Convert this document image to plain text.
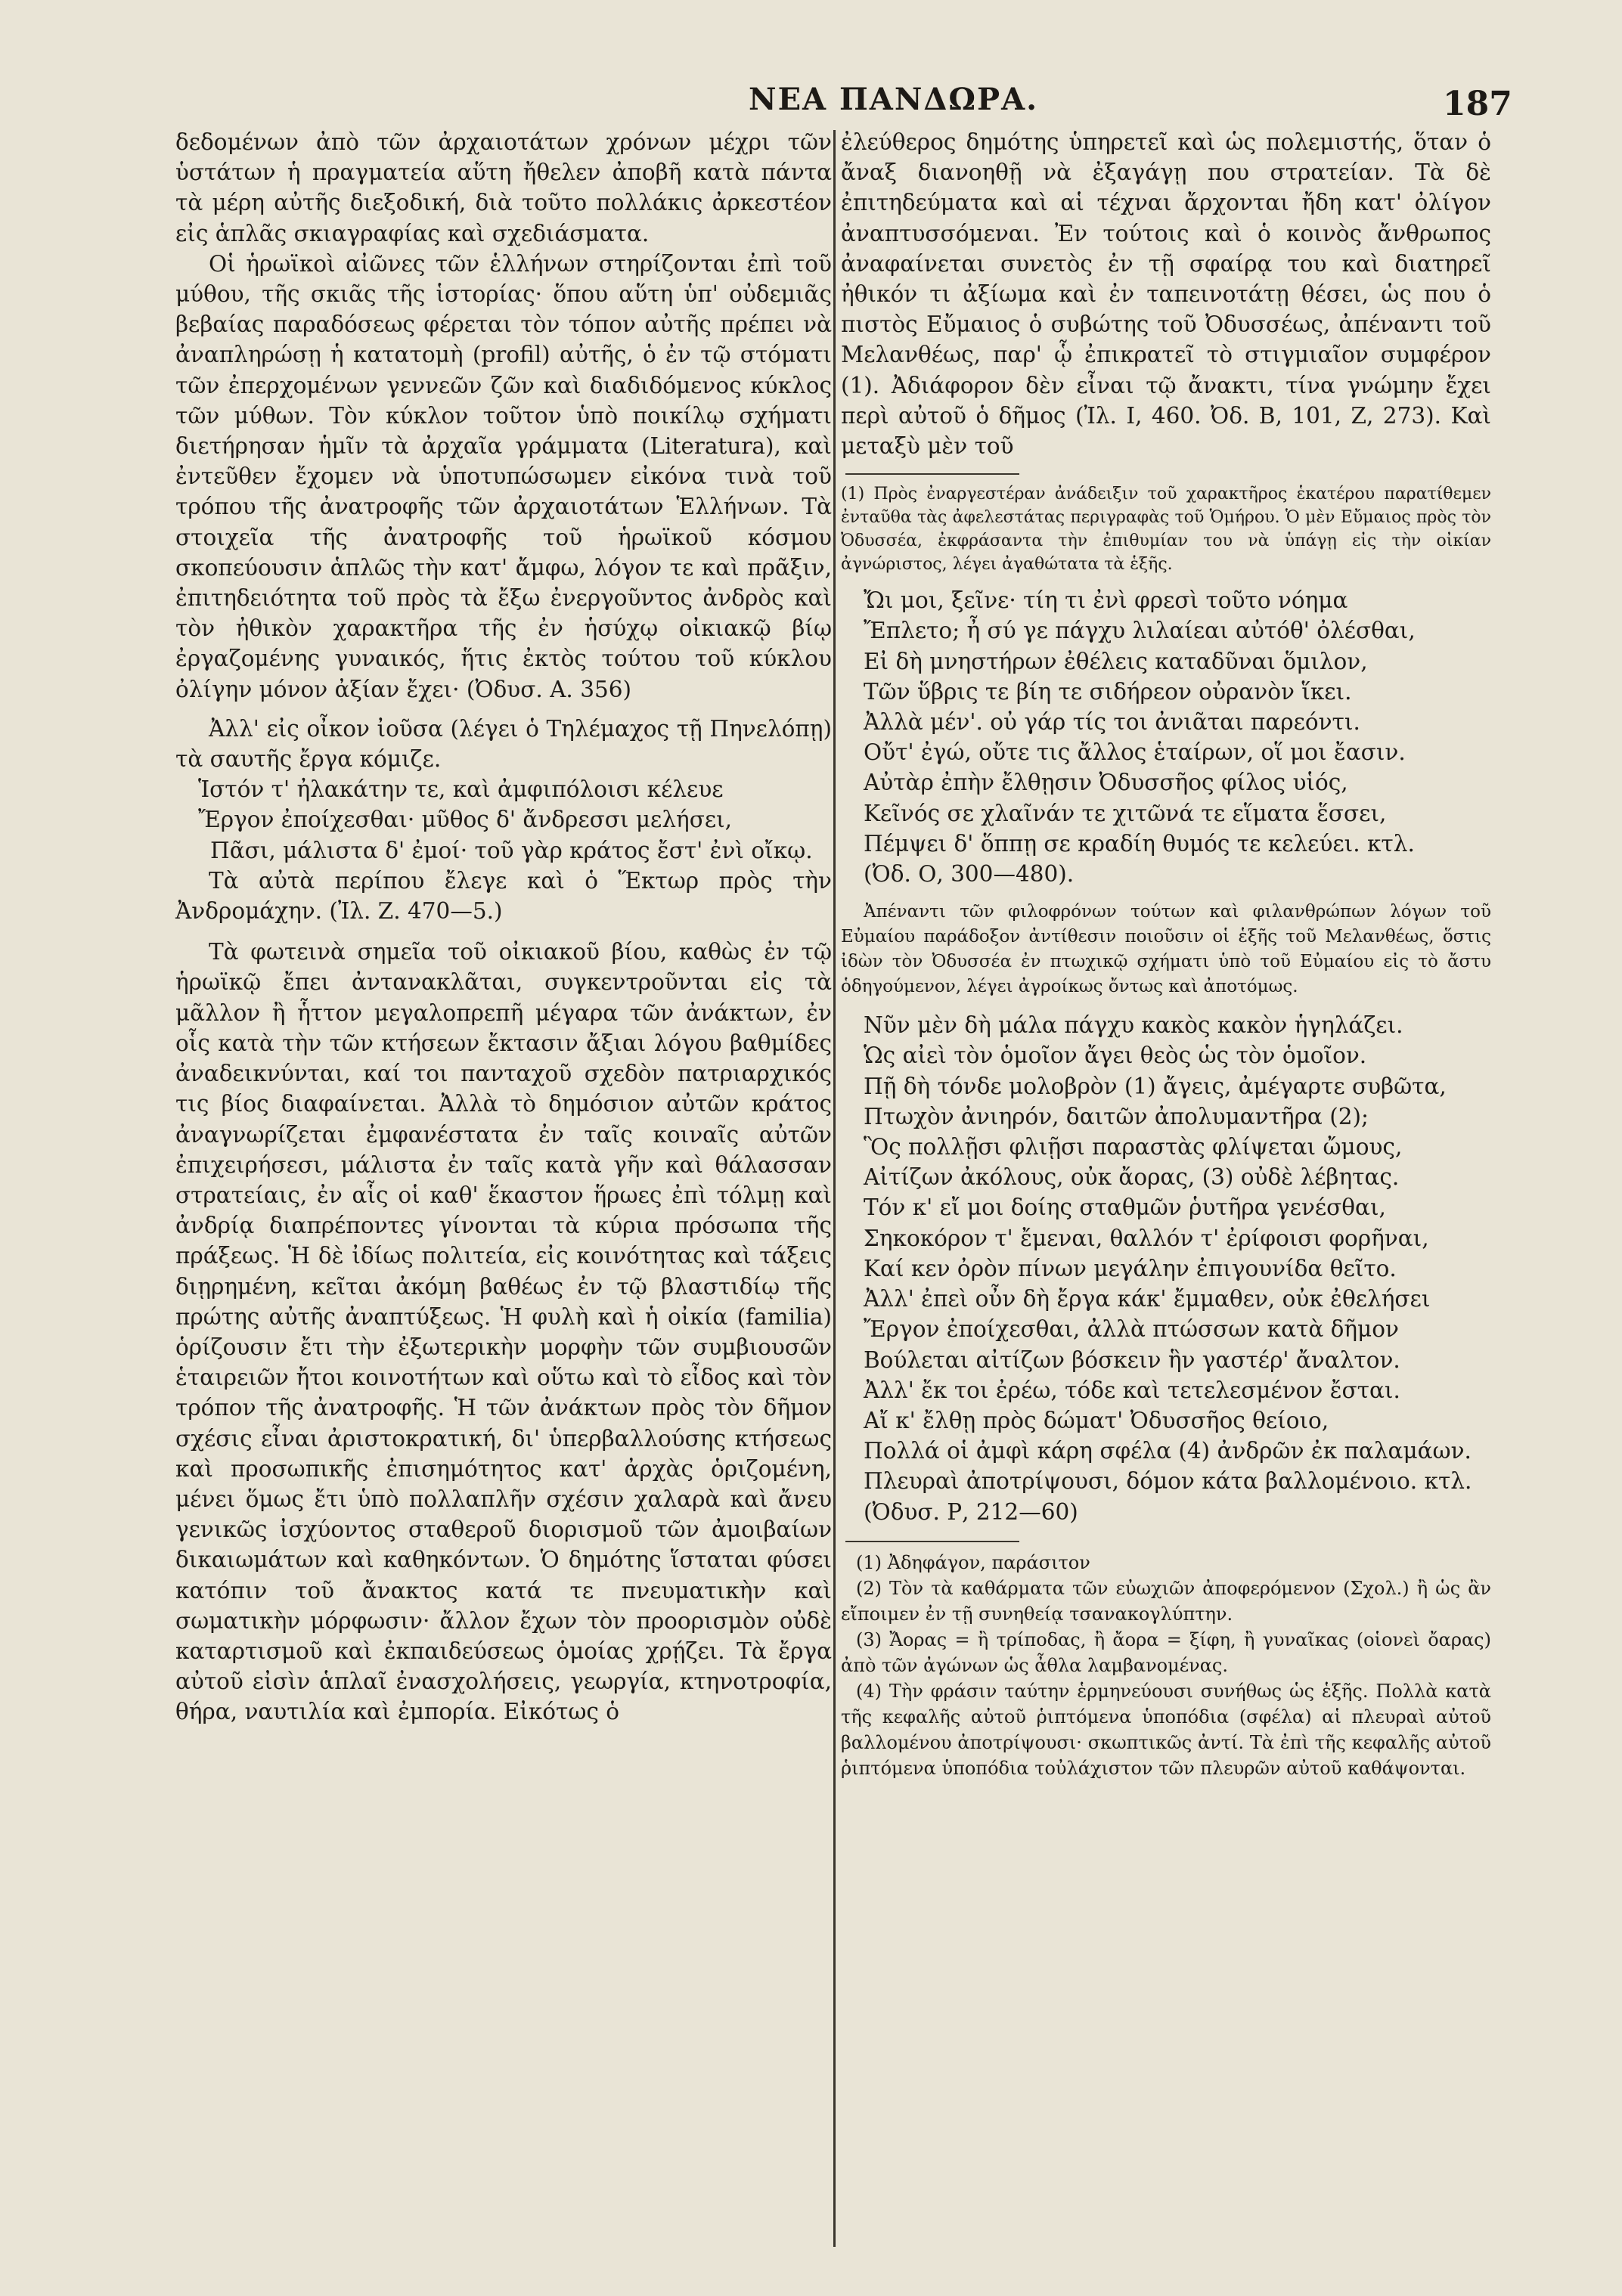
ΝΕΑ ΠΑΝΔΩΡΑ.	187

δεδομένων ἀπὸ τῶν ἀρχαιοτάτων χρόνων μέχρι τῶν ὑστάτων ἡ πραγματεία αὕτη ἤθελεν ἀποβῆ κατὰ πάντα τὰ μέρη αὐτῆς διεξοδική, διὰ τοῦτο πολλάκις ἀρκεστέον εἰς ἁπλᾶς σκιαγραφίας καὶ σχεδιάσματα.

Οἱ ἡρωϊκοὶ αἰῶνες τῶν ἑλλήνων στηρίζονται ἐπὶ τοῦ μύθου, τῆς σκιᾶς τῆς ἱστορίας· ὅπου αὕτη ὑπ' οὐδεμιᾶς βεβαίας παραδόσεως φέρεται τὸν τόπον αὐτῆς πρέπει νὰ ἀναπληρώσῃ ἡ κατατομὴ (profil) αὐτῆς, ὁ ἐν τῷ στόματι τῶν ἐπερχομένων γεννεῶν ζῶν καὶ διαδιδόμενος κύκλος τῶν μύθων. Τὸν κύκλον τοῦτον ὑπὸ ποικίλῳ σχήματι διετήρησαν ἡμῖν τὰ ἀρχαῖα γράμματα (Literatura), καὶ ἐντεῦθεν ἔχομεν νὰ ὑποτυπώσωμεν εἰκόνα τινὰ τοῦ τρόπου τῆς ἀνατροφῆς τῶν ἀρχαιοτάτων Ἑλλήνων. Τὰ στοιχεῖα τῆς ἀνατροφῆς τοῦ ἡρωϊκοῦ κόσμου σκοπεύουσιν ἁπλῶς τὴν κατ' ἄμφω, λόγον τε καὶ πρᾶξιν, ἐπιτηδειότητα τοῦ πρὸς τὰ ἔξω ἐνεργοῦντος ἀνδρὸς καὶ τὸν ἠθικὸν χαρακτῆρα τῆς ἐν ἡσύχῳ οἰκιακῷ βίῳ ἐργαζομένης γυναικός, ἥτις ἐκτὸς τούτου τοῦ κύκλου ὀλίγην μόνον ἀξίαν ἔχει· (Ὀδυσ. Α. 356)

Ἀλλ' εἰς οἶκον ἰοῦσα (λέγει ὁ Τηλέμαχος τῇ Πηνελόπῃ) τὰ σαυτῆς ἔργα κόμιζε.

Ἱστόν τ' ἠλακάτην τε, καὶ ἀμφιπόλοισι κέλευε
Ἔργον ἐποίχεσθαι· μῦθος δ' ἄνδρεσσι μελήσει,
Πᾶσι, μάλιστα δ' ἐμοί· τοῦ γὰρ κράτος ἔστ' ἐνὶ οἴκῳ.

Τὰ αὐτὰ περίπου ἔλεγε καὶ ὁ Ἕκτωρ πρὸς τὴν Ἀνδρομάχην. (Ἰλ. Ζ. 470—5.)

Τὰ φωτεινὰ σημεῖα τοῦ οἰκιακοῦ βίου, καθὼς ἐν τῷ ἡρωϊκῷ ἔπει ἀντανακλᾶται, συγκεντροῦνται εἰς τὰ μᾶλλον ἢ ἧττον μεγαλοπρεπῆ μέγαρα τῶν ἀνάκτων, ἐν οἷς κατὰ τὴν τῶν κτήσεων ἔκτασιν ἄξιαι λόγου βαθμίδες ἀναδεικνύνται, καί τοι πανταχοῦ σχεδὸν πατριαρχικός τις βίος διαφαίνεται. Ἀλλὰ τὸ δημόσιον αὐτῶν κράτος ἀναγνωρίζεται ἐμφανέστατα ἐν ταῖς κοιναῖς αὐτῶν ἐπιχειρήσεσι, μάλιστα ἐν ταῖς κατὰ γῆν καὶ θάλασσαν στρατείαις, ἐν αἷς οἱ καθ' ἕκαστον ἥρωες ἐπὶ τόλμῃ καὶ ἀνδρίᾳ διαπρέποντες γίνονται τὰ κύρια πρόσωπα τῆς πράξεως. Ἡ δὲ ἰδίως πολιτεία, εἰς κοινότητας καὶ τάξεις διῃρημένη, κεῖται ἀκόμη βαθέως ἐν τῷ βλαστιδίῳ τῆς πρώτης αὐτῆς ἀναπτύξεως. Ἡ φυλὴ καὶ ἡ οἰκία (familia) ὁρίζουσιν ἔτι τὴν ἐξωτερικὴν μορφὴν τῶν συμβιουσῶν ἑταιρειῶν ἤτοι κοινοτήτων καὶ οὕτω καὶ τὸ εἶδος καὶ τὸν τρόπον τῆς ἀνατροφῆς. Ἡ τῶν ἀνάκτων πρὸς τὸν δῆμον σχέσις εἶναι ἀριστοκρατική, δι' ὑπερβαλλούσης κτήσεως καὶ προσωπικῆς ἐπισημότητος κατ' ἀρχὰς ὁριζομένη, μένει ὅμως ἔτι ὑπὸ πολλαπλῆν σχέσιν χαλαρὰ καὶ ἄνευ γενικῶς ἰσχύοντος σταθεροῦ διορισμοῦ τῶν ἀμοιβαίων δικαιωμάτων καὶ καθηκόντων. Ὁ δημότης ἵσταται φύσει κατόπιν τοῦ ἄνακτος κατά τε πνευματικὴν καὶ σωματικὴν μόρφωσιν· ἄλλον ἔχων τὸν προορισμὸν οὐδὲ καταρτισμοῦ καὶ ἐκπαιδεύσεως ὁμοίας χρῄζει. Τὰ ἔργα αὐτοῦ εἰσὶν ἁπλαῖ ἐνασχολήσεις, γεωργία, κτηνοτροφία, θήρα, ναυτιλία καὶ ἐμπορία. Εἰκότως ὁ

ἐλεύθερος δημότης ὑπηρετεῖ καὶ ὡς πολεμιστής, ὅταν ὁ ἄναξ διανοηθῇ νὰ ἐξαγάγῃ που στρατείαν. Τὰ δὲ ἐπιτηδεύματα καὶ αἱ τέχναι ἄρχονται ἤδη κατ' ὀλίγον ἀναπτυσσόμεναι. Ἐν τούτοις καὶ ὁ κοινὸς ἄνθρωπος ἀναφαίνεται συνετὸς ἐν τῇ σφαίρᾳ του καὶ διατηρεῖ ἠθικόν τι ἀξίωμα καὶ ἐν ταπεινοτάτῃ θέσει, ὡς που ὁ πιστὸς Εὔμαιος ὁ συβώτης τοῦ Ὀδυσσέως, ἀπέναντι τοῦ Μελανθέως, παρ' ᾧ ἐπικρατεῖ τὸ στιγμιαῖον συμφέρον (1). Ἀδιάφορον δὲν εἶναι τῷ ἄνακτι, τίνα γνώμην ἔχει περὶ αὐτοῦ ὁ δῆμος (Ἰλ. Ι, 460. Ὀδ. Β, 101, Ζ, 273). Καὶ μεταξὺ μὲν τοῦ

(1) Πρὸς ἐναργεστέραν ἀνάδειξιν τοῦ χαρακτῆρος ἑκατέρου παρατίθεμεν ἐνταῦθα τὰς ἀφελεστάτας περιγραφὰς τοῦ Ὁμήρου. Ὁ μὲν Εὔμαιος πρὸς τὸν Ὀδυσσέα, ἐκφράσαντα τὴν ἐπιθυμίαν του νὰ ὑπάγῃ εἰς τὴν οἰκίαν ἀγνώριστος, λέγει ἀγαθώτατα τὰ ἑξῆς.

Ὤι μοι, ξεῖνε· τίη τι ἐνὶ φρεσὶ τοῦτο νόημα
Ἔπλετο; ἦ σύ γε πάγχυ λιλαίεαι αὐτόθ' ὀλέσθαι,
Εἰ δὴ μνηστήρων ἐθέλεις καταδῦναι ὅμιλον,
Τῶν ὕβρις τε βίη τε σιδήρεον οὐρανὸν ἵκει.
Ἀλλὰ μέν'. οὐ γάρ τίς τοι ἀνιᾶται παρεόντι.
Οὔτ' ἐγώ, οὔτε τις ἄλλος ἑταίρων, οἵ μοι ἔασιν.
Αὐτὰρ ἐπὴν ἔλθῃσιν Ὀδυσσῆος φίλος υἱός,
Κεῖνός σε χλαῖνάν τε χιτῶνά τε εἵματα ἕσσει,
Πέμψει δ' ὅππῃ σε κραδίη θυμός τε κελεύει. κτλ.
(Ὀδ. Ο, 300—480).

Ἀπέναντι τῶν φιλοφρόνων τούτων καὶ φιλανθρώπων λόγων τοῦ Εὐμαίου παράδοξον ἀντίθεσιν ποιοῦσιν οἱ ἑξῆς τοῦ Μελανθέως, ὅστις ἰδὼν τὸν Ὀδυσσέα ἐν πτωχικῷ σχήματι ὑπὸ τοῦ Εὐμαίου εἰς τὸ ἄστυ ὁδηγούμενον, λέγει ἀγροίκως ὄντως καὶ ἀποτόμως.

Νῦν μὲν δὴ μάλα πάγχυ κακὸς κακὸν ἡγηλάζει.
Ὡς αἰεὶ τὸν ὁμοῖον ἄγει θεὸς ὡς τὸν ὁμοῖον.
Πῇ δὴ τόνδε μολοβρὸν (1) ἄγεις, ἀμέγαρτε συβῶτα,
Πτωχὸν ἀνιηρόν, δαιτῶν ἀπολυμαντῆρα (2);
Ὃς πολλῇσι φλιῇσι παραστὰς φλίψεται ὤμους,
Αἰτίζων ἀκόλους, οὐκ ἄορας, (3) οὐδὲ λέβητας.
Τόν κ' εἴ μοι δοίης σταθμῶν ῥυτῆρα γενέσθαι,
Σηκοκόρον τ' ἔμεναι, θαλλόν τ' ἐρίφοισι φορῆναι,
Καί κεν ὀρὸν πίνων μεγάλην ἐπιγουνίδα θεῖτο.
Ἀλλ' ἐπεὶ οὖν δὴ ἔργα κάκ' ἔμμαθεν, οὐκ ἐθελήσει
Ἔργον ἐποίχεσθαι, ἀλλὰ πτώσσων κατὰ δῆμον
Βούλεται αἰτίζων βόσκειν ἣν γαστέρ' ἄναλτον.
Ἀλλ' ἔκ τοι ἐρέω, τόδε καὶ τετελεσμένον ἔσται.
Αἴ κ' ἔλθῃ πρὸς δώματ' Ὀδυσσῆος θείοιο,
Πολλά οἱ ἀμφὶ κάρη σφέλα (4) ἀνδρῶν ἐκ παλαμάων.
Πλευραὶ ἀποτρίψουσι, δόμον κάτα βαλλομένοιο. κτλ.
(Ὀδυσ. Ρ, 212—60)

(1) Ἀδηφάγον, παράσιτον

(2) Τὸν τὰ καθάρματα τῶν εὐωχιῶν ἀποφερόμενον (Σχολ.) ἢ ὡς ἂν εἴποιμεν ἐν τῇ συνηθείᾳ τσανακογλύπτην.

(3) Ἄορας = ἢ τρίποδας, ἢ ἄορα = ξίφη, ἢ γυναῖκας (οἱονεὶ ὄαρας) ἀπὸ τῶν ἀγώνων ὡς ἆθλα λαμβανομένας.

(4) Τὴν φράσιν ταύτην ἑρμηνεύουσι συνήθως ὡς ἑξῆς. Πολλὰ κατὰ τῆς κεφαλῆς αὐτοῦ ῥιπτόμενα ὑποπόδια (σφέλα) αἱ πλευραὶ αὐτοῦ βαλλομένου ἀποτρίψουσι· σκωπτικῶς ἀντί. Τὰ ἐπὶ τῆς κεφαλῆς αὐτοῦ ῥιπτόμενα ὑποπόδια τοὐλάχιστον τῶν πλευρῶν αὐτοῦ καθάψονται.
